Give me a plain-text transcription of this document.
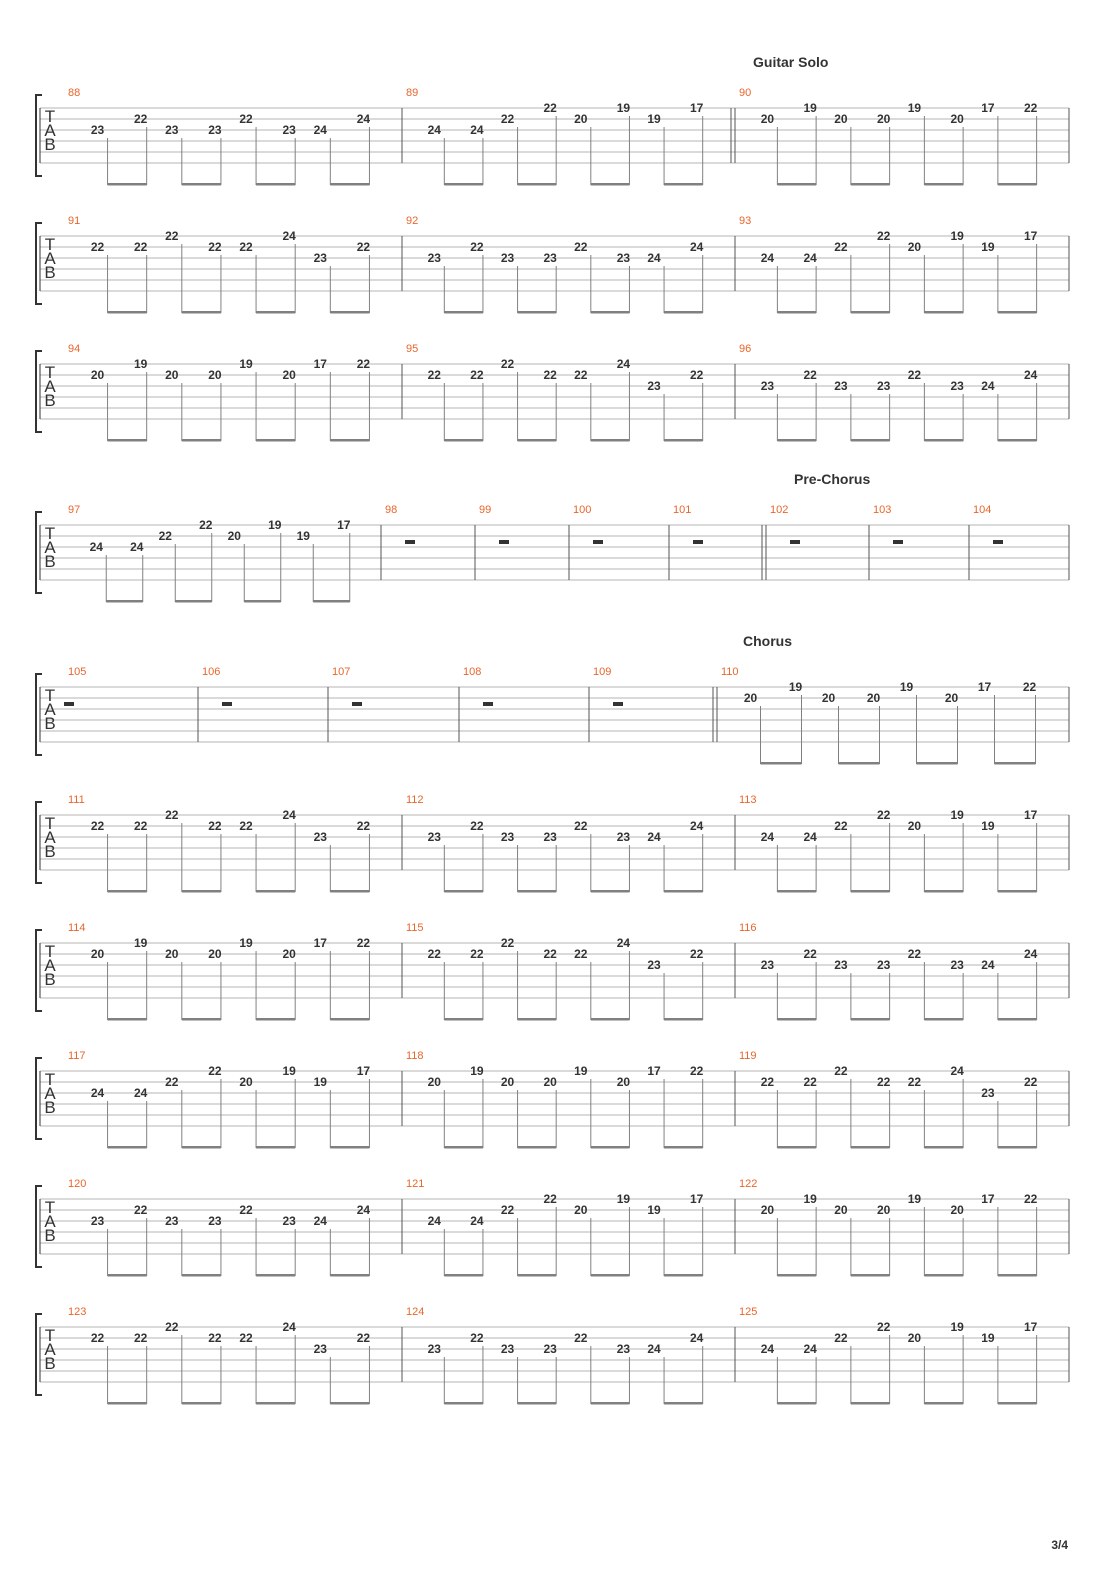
Guitar Solo
T
A
B
88
23
22
23 23
22
23 24
24
89
24 24
22
22
20
19
19
17
90
20
19
20 20
19
20
17 22
T
A
B
91
22 22
22
22 22
24
23
22
92
23
22
23 23
22
23 24
24
93
24 24
22
22
20
19
19
17
T
A
B
94
20
19
20 20
19
20
17 22
95
22 22
22
22 22
24
23
22
96
23
22
23 23
22
23 24
24
Pre-Chorus
T
A
B
97
24 24
22
22
20
19
19
17
98	99	100	101	102	103	104
Chorus
T
A
B
105	106	107	108	109	110
20
19
20	20
19
20
17	22
T
A
B
111
22 22
22
22 22
24
23
22
112
23
22
23 23
22
23 24
24
113
24 24
22
22
20
19
19
17
T
A
B
114
20
19
20 20
19
20
17 22
115
22 22
22
22 22
24
23
22
116
23
22
23 23
22
23 24
24
T
A
B
117
24 24
22
22
20
19
19
17
118
20
19
20 20
19
20
17 22
119
22 22
22
22 22
24
23
22
T
A
B
120
23
22
23 23
22
23 24
24
121
24 24
22
22
20
19
19
17
122
20
19
20 20
19
20
17 22
T
A
B
123
22 22
22
22 22
24
23
22
124
23
22
23 23
22
23 24
24
125
24 24
22
22
20
19
19
17
3/4
